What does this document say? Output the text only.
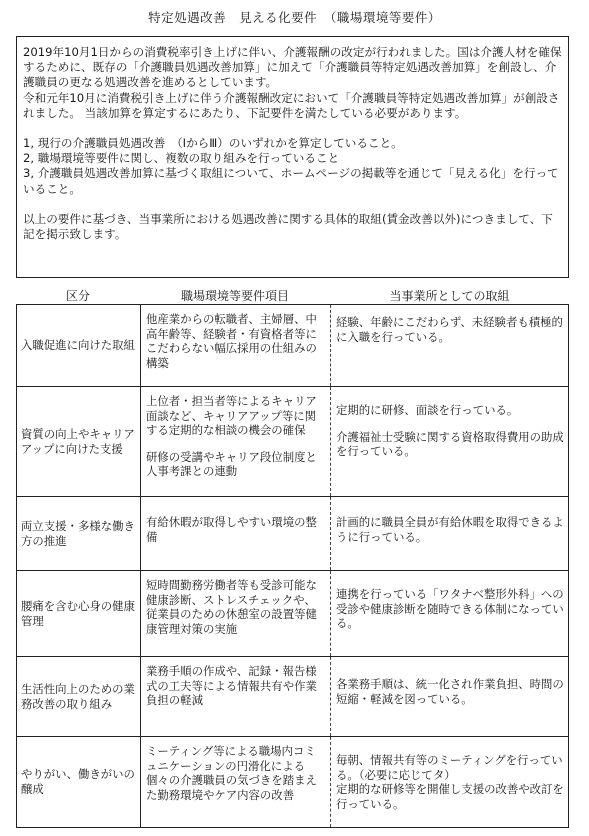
特定処遇改善　見える化要件　（職場環境等要件）

2019年10月1日からの消費税率引き上げに伴い、介護報酬の改定が行われました。国は介護人材を確保するために、既存の「介護職員処遇改善加算」に加えて「介護職員等特定処遇改善加算」を創設し、介護職員の更なる処遇改善を進めるとしています。

令和元年10月に消費税引き上げに伴う介護報酬改定において「介護職員等特定処遇改善加算」が創設されました。 当該加算を算定するにあたり、下記要件を満たしている必要があります。

1, 現行の介護職員処遇改善　（ⅠからⅢ）のいずれかを算定していること。

2, 職場環境等要件に関し、複数の取り組みを行っていること

3, 介護職員処遇改善加算に基づく取組について、ホームページの掲載等を通じて「見える化」を行っていること。

以上の要件に基づき、当事業所における処遇改善に関する具体的取組(賃金改善以外)につきまして、下記を掲示致します。

区分	職場環境等要件項目	当事業所としての取組
入職促進に向けた取組

他産業からの転職者、主婦層、中高年齢等、経験者・有資格者等にこだわらない幅広採用の仕組みの構築

経験、年齢にこだわらず、未経験者も積極的に入職を行っている。

資質の向上やキャリアアップに向けた支援

上位者・担当者等によるキャリア面談など、キャリアアップ等に関する定期的な相談の機会の確保

研修の受講やキャリア段位制度と人事考課との連動

定期的に研修、面談を行っている。

介護福祉士受験に関する資格取得費用の助成を行っている。

両立支援・多様な働き方の推進

有給休暇が取得しやすい環境の整備

計画的に職員全員が有給休暇を取得できるように行っている。

腰痛を含む心身の健康管理

短時間勤務労働者等も受診可能な健康診断、ストレスチェックや、従業員のための休憩室の設置等健康管理対策の実施

連携を行っている「ワタナベ整形外科」への受診や健康診断を随時できる体制になっている。

生活性向上のための業務改善の取り組み

業務手順の作成や、記録・報告様式の工夫等による情報共有や作業負担の軽減

各業務手順は、統一化され作業負担、時間の短縮・軽減を図っている。

やりがい、働きがいの醸成

ミーティング等による職場内コミュニケーションの円滑化による個々の介護職員の気づきを踏まえた勤務環境やケア内容の改善

毎朝、情報共有等のミーティングを行っている。（必要に応じてタ）

定期的な研修等を開催し支援の改善や改訂を行っている。
